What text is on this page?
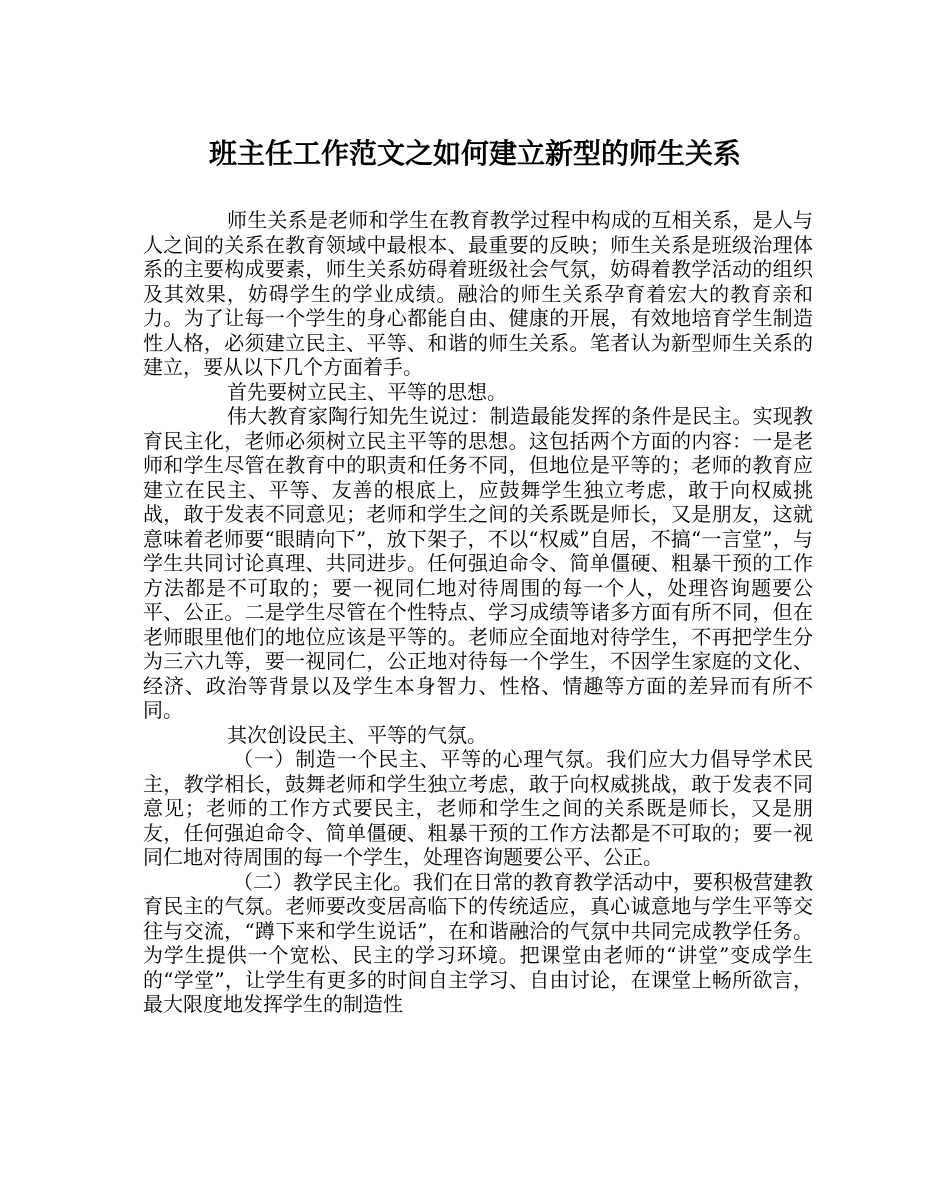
班主任工作范文之如何建立新型的师生关系

师生关系是老师和学生在教育教学过程中构成的互相关系，是人与人之间的关系在教育领域中最根本、最重要的反映；师生关系是班级治理体系的主要构成要素，师生关系妨碍着班级社会气氛，妨碍着教学活动的组织及其效果，妨碍学生的学业成绩。融洽的师生关系孕育着宏大的教育亲和力。为了让每一个学生的身心都能自由、健康的开展，有效地培育学生制造性人格，必须建立民主、平等、和谐的师生关系。笔者认为新型师生关系的建立，要从以下几个方面着手。

首先要树立民主、平等的思想。

伟大教育家陶行知先生说过：制造最能发挥的条件是民主。实现教育民主化，老师必须树立民主平等的思想。这包括两个方面的内容：一是老师和学生尽管在教育中的职责和任务不同，但地位是平等的；老师的教育应建立在民主、平等、友善的根底上，应鼓舞学生独立考虑，敢于向权威挑战，敢于发表不同意见；老师和学生之间的关系既是师长，又是朋友，这就意味着老师要“眼睛向下”，放下架子，不以“权威”自居，不搞“一言堂”，与学生共同讨论真理、共同进步。任何强迫命令、简单僵硬、粗暴干预的工作方法都是不可取的；要一视同仁地对待周围的每一个人，处理咨询题要公平、公正。二是学生尽管在个性特点、学习成绩等诸多方面有所不同，但在老师眼里他们的地位应该是平等的。老师应全面地对待学生，不再把学生分为三六九等，要一视同仁，公正地对待每一个学生，不因学生家庭的文化、经济、政治等背景以及学生本身智力、性格、情趣等方面的差异而有所不同。

其次创设民主、平等的气氛。

（一）制造一个民主、平等的心理气氛。我们应大力倡导学术民主，教学相长，鼓舞老师和学生独立考虑，敢于向权威挑战，敢于发表不同意见；老师的工作方式要民主，老师和学生之间的关系既是师长，又是朋友，任何强迫命令、简单僵硬、粗暴干预的工作方法都是不可取的；要一视同仁地对待周围的每一个学生，处理咨询题要公平、公正。

（二）教学民主化。我们在日常的教育教学活动中，要积极营建教育民主的气氛。老师要改变居高临下的传统适应，真心诚意地与学生平等交往与交流，“蹲下来和学生说话”，在和谐融洽的气氛中共同完成教学任务。为学生提供一个宽松、民主的学习环境。把课堂由老师的“讲堂”变成学生的“学堂”，让学生有更多的时间自主学习、自由讨论，在课堂上畅所欲言，最大限度地发挥学生的制造性
